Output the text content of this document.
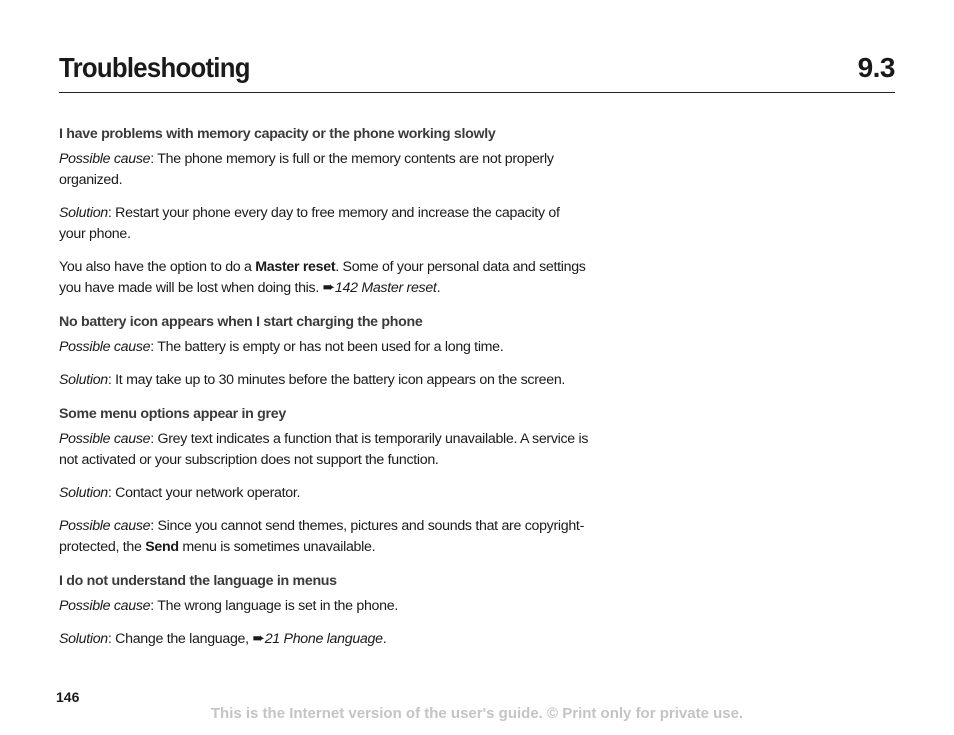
Troubleshooting	9.3

I have problems with memory capacity or the phone working slowly

Possible cause: The phone memory is full or the memory contents are not properly organized.

Solution: Restart your phone every day to free memory and increase the capacity of your phone.

You also have the option to do a Master reset. Some of your personal data and settings you have made will be lost when doing this. ➨142 Master reset.

No battery icon appears when I start charging the phone

Possible cause: The battery is empty or has not been used for a long time.

Solution: It may take up to 30 minutes before the battery icon appears on the screen.

Some menu options appear in grey

Possible cause: Grey text indicates a function that is temporarily unavailable. A service is not activated or your subscription does not support the function.

Solution: Contact your network operator.

Possible cause: Since you cannot send themes, pictures and sounds that are copyright-protected, the Send menu is sometimes unavailable.

I do not understand the language in menus

Possible cause: The wrong language is set in the phone.

Solution: Change the language, ➨21 Phone language.

146
This is the Internet version of the user's guide. © Print only for private use.
